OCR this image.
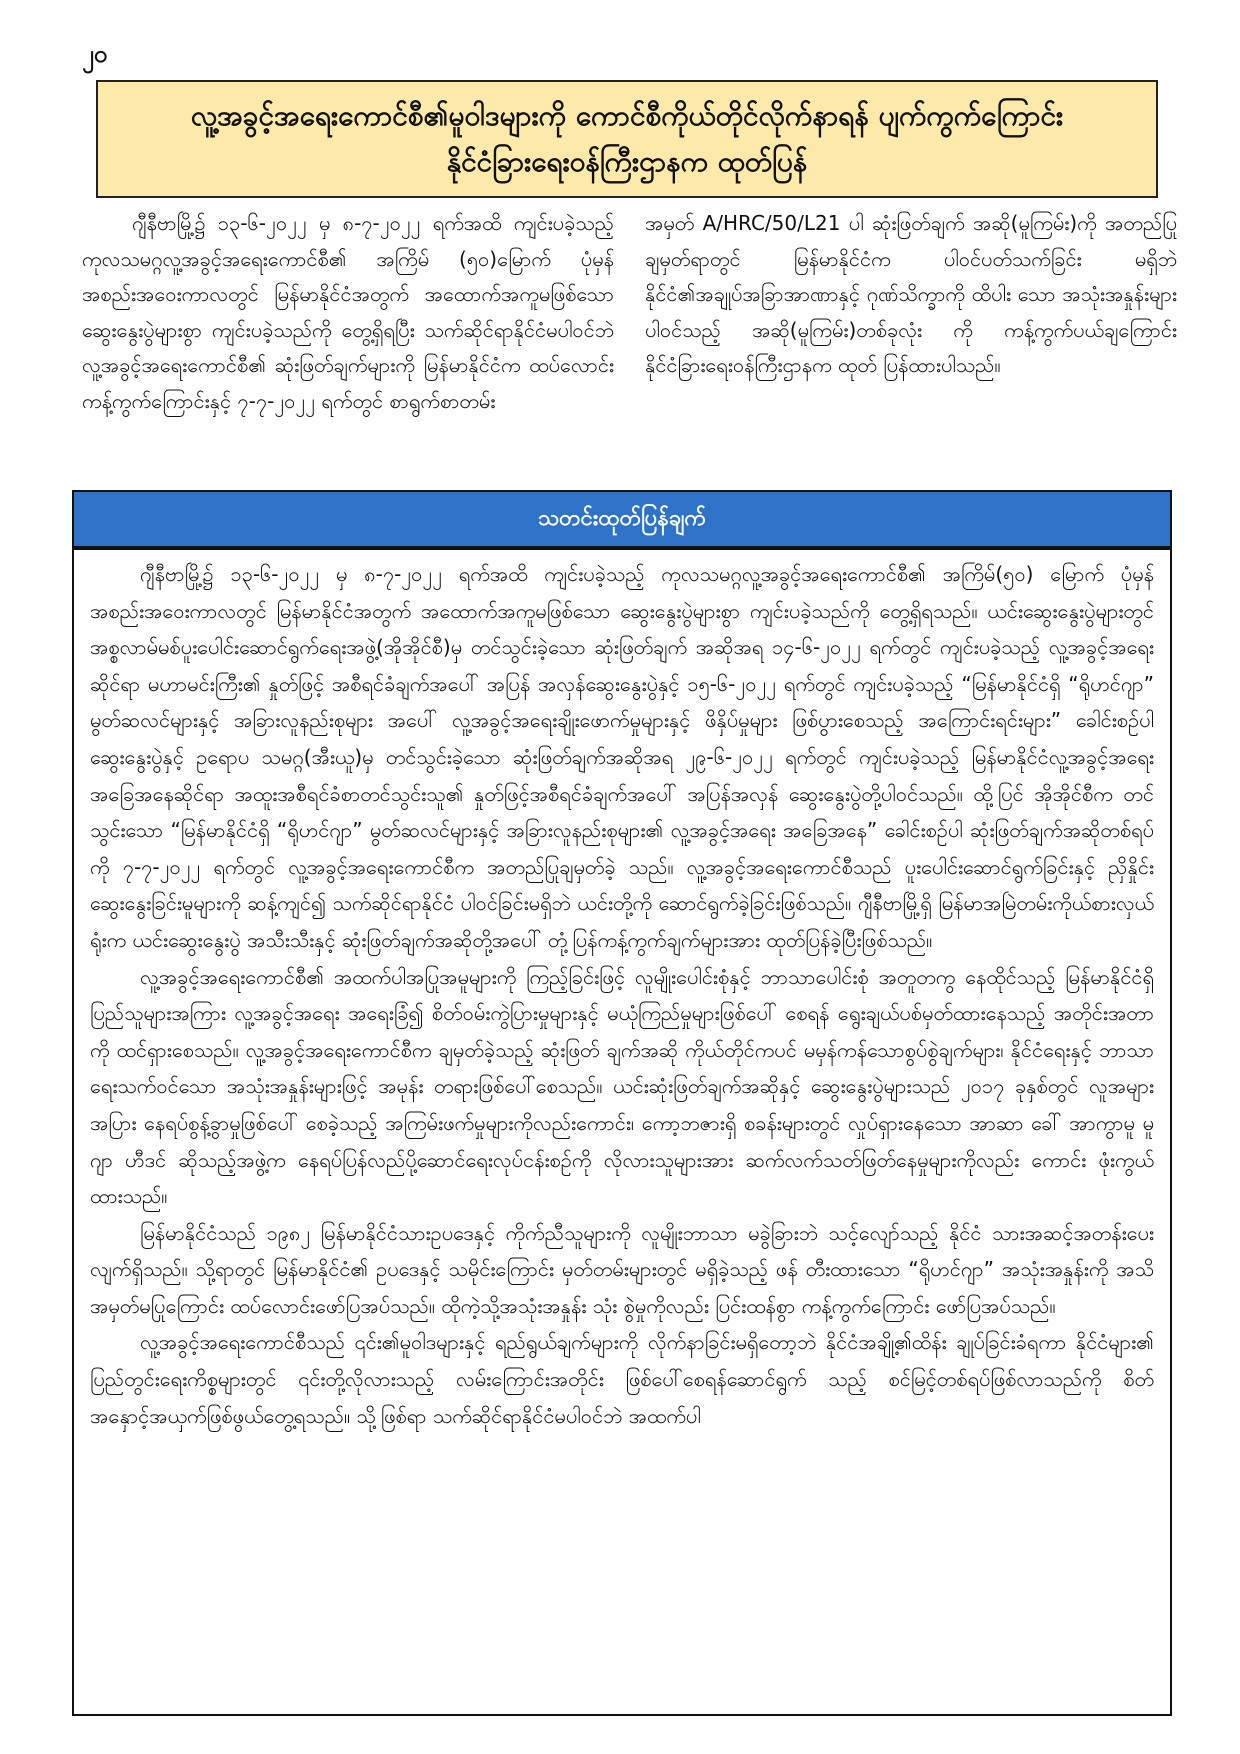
၂၀
လူ့အခွင့်အရေးကောင်စီ၏မူဝါဒများကို ကောင်စီကိုယ်တိုင်လိုက်နာရန် ပျက်ကွက်ကြောင်း
နိုင်ငံခြားရေးဝန်ကြီးဌာနက ထုတ်ပြန်

ဂျီနီဗာမြို့၌ ၁၃-၆-၂၀၂၂ မှ ၈-၇-၂၀၂၂ ရက်အထိ ကျင်းပခဲ့သည့် ကုလသမဂ္ဂလူ့အခွင့်အရေးကောင်စီ၏ အကြိမ် (၅၀)မြောက် ပုံမှန်အစည်းအဝေးကာလတွင် မြန်မာနိုင်ငံအတွက် အထောက်အကူမဖြစ်သော ဆွေးနွေးပွဲများစွာ ကျင်းပခဲ့သည်ကို တွေ့ရှိရပြီး သက်ဆိုင်ရာနိုင်ငံမပါဝင်ဘဲ လူ့အခွင့်အရေးကောင်စီ၏ ဆုံးဖြတ်ချက်များကို မြန်မာနိုင်ငံက ထပ်လောင်း ကန့်ကွက်ကြောင်းနှင့် ၇-၇-၂၀၂၂ ရက်တွင် စာရွက်စာတမ်း

အမှတ် A/HRC/50/L21 ပါ ဆုံးဖြတ်ချက် အဆို(မူကြမ်း)ကို အတည်ပြုချမှတ်ရာတွင် မြန်မာနိုင်ငံက ပါဝင်ပတ်သက်ခြင်း မရှိဘဲ နိုင်ငံ၏အချုပ်အခြာအာဏာနှင့် ဂုဏ်သိက္ခာကို ထိပါး သော အသုံးအနှုန်းများ ပါဝင်သည့် အဆို(မူကြမ်း)တစ်ခုလုံး ကို ကန့်ကွက်ပယ်ချကြောင်း နိုင်ငံခြားရေးဝန်ကြီးဌာနက ထုတ် ပြန်ထားပါသည်။

သတင်းထုတ်ပြန်ချက်

ဂျီနီဗာမြို့၌ ၁၃-၆-၂၀၂၂ မှ ၈-၇-၂၀၂၂ ရက်အထိ ကျင်းပခဲ့သည့် ကုလသမဂ္ဂလူ့အခွင့်အရေးကောင်စီ၏ အကြိမ်(၅၀) မြောက် ပုံမှန်အစည်းအဝေးကာလတွင် မြန်မာနိုင်ငံအတွက် အထောက်အကူမဖြစ်သော ဆွေးနွေးပွဲများစွာ ကျင်းပခဲ့သည်ကို တွေ့ရှိရသည်။ ယင်းဆွေးနွေးပွဲများတွင် အစ္စလာမ်မစ်ပူးပေါင်းဆောင်ရွက်ရေးအဖွဲ့(အိုအိုင်စီ)မှ တင်သွင်းခဲ့သော ဆုံးဖြတ်ချက် အဆိုအရ ၁၄-၆-၂၀၂၂ ရက်တွင် ကျင်းပခဲ့သည့် လူ့အခွင့်အရေးဆိုင်ရာ မဟာမင်းကြီး၏ နှုတ်ဖြင့် အစီရင်ခံချက်အပေါ် အပြန် အလှန်ဆွေးနွေးပွဲနှင့် ၁၅-၆-၂၀၂၂ ရက်တွင် ကျင်းပခဲ့သည့် “မြန်မာနိုင်ငံရှိ “ရိုဟင်ဂျာ” မွတ်ဆလင်များနှင့် အခြားလူနည်းစုများ အပေါ် လူ့အခွင့်အရေးချိုးဖောက်မှုများနှင့် ဖိနှိပ်မှုများ ဖြစ်ပွားစေသည့် အကြောင်းရင်းများ” ခေါင်းစဉ်ပါ ဆွေးနွေးပွဲနှင့် ဥရောပ သမဂ္ဂ(အီးယူ)မှ တင်သွင်းခဲ့သော ဆုံးဖြတ်ချက်အဆိုအရ ၂၉-၆-၂၀၂၂ ရက်တွင် ကျင်းပခဲ့သည့် မြန်မာနိုင်ငံလူ့အခွင့်အရေး အခြေအနေဆိုင်ရာ အထူးအစီရင်ခံစာတင်သွင်းသူ၏ နှုတ်ဖြင့်အစီရင်ခံချက်အပေါ် အပြန်အလှန် ဆွေးနွေးပွဲတို့ပါဝင်သည်။ ထို့ပြင် အိုအိုင်စီက တင်သွင်းသော “မြန်မာနိုင်ငံရှိ “ရိုဟင်ဂျာ” မွတ်ဆလင်များနှင့် အခြားလူနည်းစုများ၏ လူ့အခွင့်အရေး အခြေအနေ” ခေါင်းစဉ်ပါ ဆုံးဖြတ်ချက်အဆိုတစ်ရပ်ကို ၇-၇-၂၀၂၂ ရက်တွင် လူ့အခွင့်အရေးကောင်စီက အတည်ပြုချမှတ်ခဲ့ သည်။ လူ့အခွင့်အရေးကောင်စီသည် ပူးပေါင်းဆောင်ရွက်ခြင်းနှင့် ညှိနှိုင်းဆွေးနွေးခြင်းမူများကို ဆန့်ကျင်၍ သက်ဆိုင်ရာနိုင်ငံ ပါဝင်ခြင်းမရှိဘဲ ယင်းတို့ကို ဆောင်ရွက်ခဲ့ခြင်းဖြစ်သည်။ ဂျီနီဗာမြို့ရှိ မြန်မာအမြဲတမ်းကိုယ်စားလှယ်ရုံးက ယင်းဆွေးနွေးပွဲ အသီးသီးနှင့် ဆုံးဖြတ်ချက်အဆိုတို့အပေါ် တုံ့ပြန်ကန့်ကွက်ချက်များအား ထုတ်ပြန်ခဲ့ပြီးဖြစ်သည်။

လူ့အခွင့်အရေးကောင်စီ၏ အထက်ပါအပြုအမူများကို ကြည့်ခြင်းဖြင့် လူမျိုးပေါင်းစုံနှင့် ဘာသာပေါင်းစုံ အတူတကွ နေထိုင်သည့် မြန်မာနိုင်ငံရှိ ပြည်သူများအကြား လူ့အခွင့်အရေး အရေးခြံ၍ စိတ်ဝမ်းကွဲပြားမှုများနှင့် မယုံကြည်မှုများဖြစ်ပေါ် စေရန် ရွေးချယ်ပစ်မှတ်ထားနေသည့် အတိုင်းအတာကို ထင်ရှားစေသည်။ လူ့အခွင့်အရေးကောင်စီက ချမှတ်ခဲ့သည့် ဆုံးဖြတ် ချက်အဆို ကိုယ်တိုင်ကပင် မမှန်ကန်သောစွပ်စွဲချက်များ၊ နိုင်ငံရေးနှင့် ဘာသာရေးသက်ဝင်သော အသုံးအနှုန်းများဖြင့် အမုန်း တရားဖြစ်ပေါ်စေသည်။ ယင်းဆုံးဖြတ်ချက်အဆိုနှင့် ဆွေးနွေးပွဲများသည် ၂၀၁၇ ခုနှစ်တွင် လူအများအပြား နေရပ်စွန့်ခွာမှုဖြစ်ပေါ် စေခဲ့သည့် အကြမ်းဖက်မှုများကိုလည်းကောင်း၊ ကော့ဘဇားရှိ စခန်းများတွင် လှုပ်ရှားနေသော အာဆာ ခေါ် အာကွာမူ မူဂျာ ဟီဒင် ဆိုသည့်အဖွဲ့က နေရပ်ပြန်လည်ပို့ဆောင်ရေးလုပ်ငန်းစဉ်ကို လိုလားသူများအား ဆက်လက်သတ်ဖြတ်နေမှုများကိုလည်း ကောင်း ဖုံးကွယ်ထားသည်။

မြန်မာနိုင်ငံသည် ၁၉၈၂ မြန်မာနိုင်ငံသားဥပဒေနှင့် ကိုက်ညီသူများကို လူမျိုးဘာသာ မခွဲခြားဘဲ သင့်လျော်သည့် နိုင်ငံ သားအဆင့်အတန်းပေးလျက်ရှိသည်။ သို့ရာတွင် မြန်မာနိုင်ငံ၏ ဥပဒေနှင့် သမိုင်းကြောင်း မှတ်တမ်းများတွင် မရှိခဲ့သည့် ဖန် တီးထားသော “ရိုဟင်ဂျာ” အသုံးအနှုန်းကို အသိအမှတ်မပြုကြောင်း ထပ်လောင်းဖော်ပြအပ်သည်။ ထိုကဲ့သို့အသုံးအနှုန်း သုံး စွဲမှုကိုလည်း ပြင်းထန်စွာ ကန့်ကွက်ကြောင်း ဖော်ပြအပ်သည်။

လူ့အခွင့်အရေးကောင်စီသည် ၎င်း၏မူဝါဒများနှင့် ရည်ရွယ်ချက်များကို လိုက်နာခြင်းမရှိတော့ဘဲ နိုင်ငံအချို့၏ထိန်း ချုပ်ခြင်းခံရကာ နိုင်ငံများ၏ ပြည်တွင်းရေးကိစ္စများတွင် ၎င်းတို့လိုလားသည့် လမ်းကြောင်းအတိုင်း ဖြစ်ပေါ်စေရန်ဆောင်ရွက် သည့် စင်မြင့်တစ်ရပ်ဖြစ်လာသည်ကို စိတ်အနှောင့်အယှက်ဖြစ်ဖွယ်တွေ့ရသည်။ သို့ဖြစ်ရာ သက်ဆိုင်ရာနိုင်ငံမပါဝင်ဘဲ အထက်ပါ
